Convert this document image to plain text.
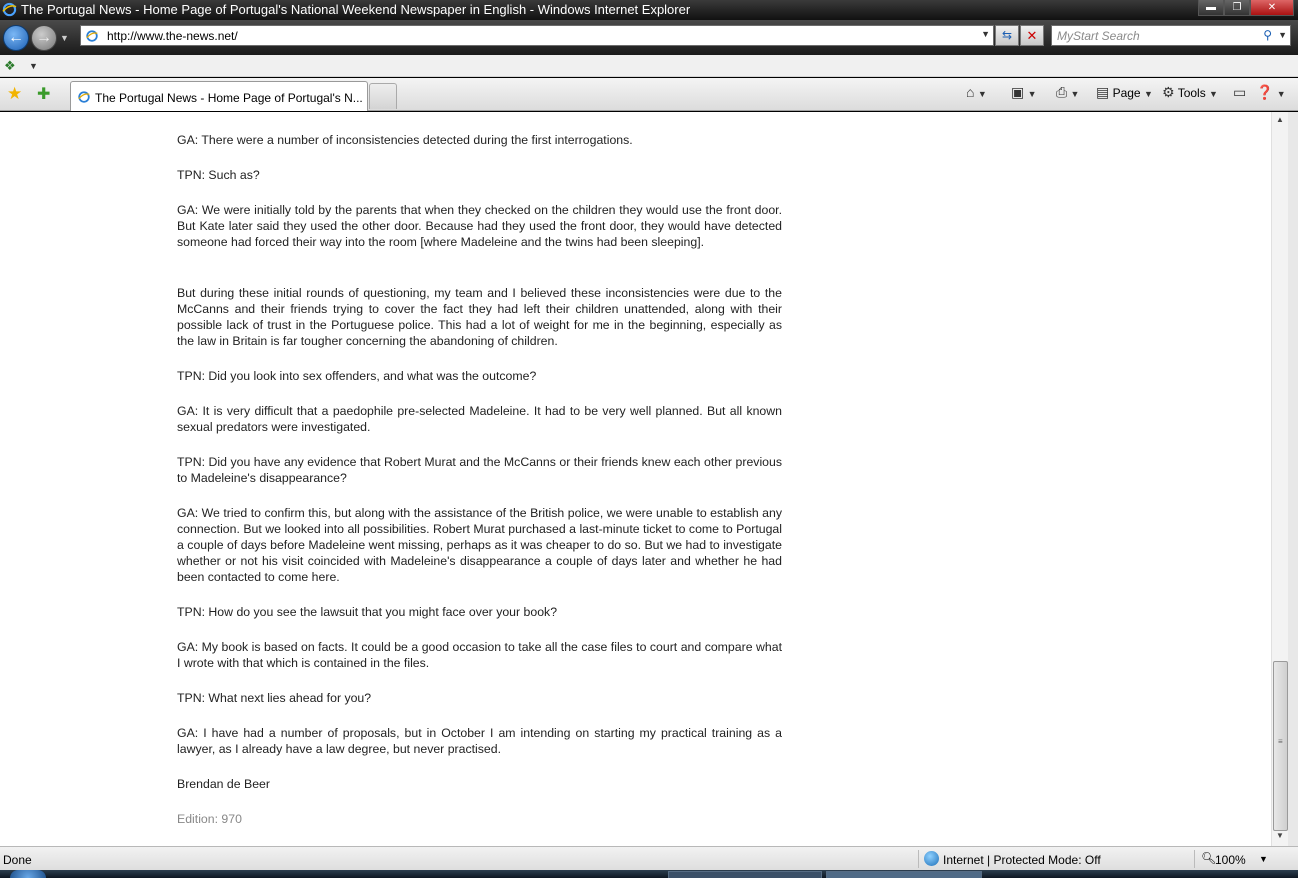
The Portugal News - Home Page of Portugal's National Weekend Newspaper in English - Windows Internet Explorer	▬	❐	✕
← → ▼	http://www.the-news.net/	▼ ⇆	✕	MyStart Search	⚲ ▼
❖ ▼
★ ✚	The Portugal News - Home Page of Portugal's N...	⌂ ▼ ▣ ▼ ⎙ ▼ ▤ Page ▼ ⚙ Tools ▼ ▭ ❓ ▼

GA: There were a number of inconsistencies detected during the first interrogations.

TPN: Such as?

GA: We were initially told by the parents that when they checked on the children they would use the front door. But Kate later said they used the other door. Because had they used the front door, they would have detected someone had forced their way into the room [where Madeleine and the twins had been sleeping].

But during these initial rounds of questioning, my team and I believed these inconsistencies were due to the McCanns and their friends trying to cover the fact they had left their children unattended, along with their possible lack of trust in the Portuguese police. This had a lot of weight for me in the beginning, especially as the law in Britain is far tougher concerning the abandoning of children.

TPN: Did you look into sex offenders, and what was the outcome?

GA: It is very difficult that a paedophile pre-selected Madeleine. It had to be very well planned. But all known sexual predators were investigated.

TPN: Did you have any evidence that Robert Murat and the McCanns or their friends knew each other previous to Madeleine's disappearance?

GA: We tried to confirm this, but along with the assistance of the British police, we were unable to establish any connection. But we looked into all possibilities. Robert Murat purchased a last-minute ticket to come to Portugal a couple of days before Madeleine went missing, perhaps as it was cheaper to do so. But we had to investigate whether or not his visit coincided with Madeleine's disappearance a couple of days later and whether he had been contacted to come here.

TPN: How do you see the lawsuit that you might face over your book?

GA: My book is based on facts. It could be a good occasion to take all the case files to court and compare what I wrote with that which is contained in the files.

TPN: What next lies ahead for you?

GA: I have had a number of proposals, but in October I am intending on starting my practical training as a lawyer, as I already have a law degree, but never practised.

Brendan de Beer

Edition: 970

▲
≡
▼
Done	Internet | Protected Mode: Off	🔍︎
100% ▼
